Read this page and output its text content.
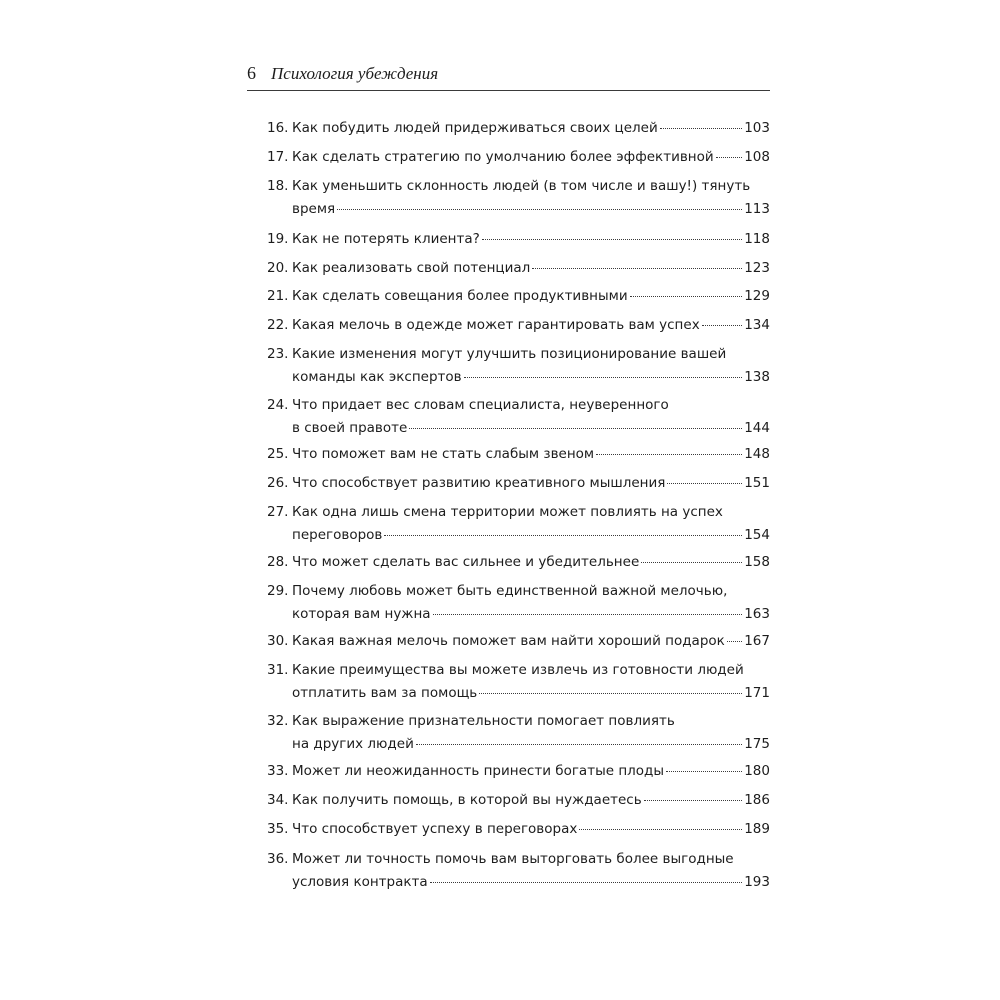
6 Психология убеждения
16. Как побудить людей придерживаться своих целей	103
17. Как сделать стратегию по умолчанию более эффективной 108
18. Как уменьшить склонность людей (в том числе и вашу!) тянуть
время	113
19. Как не потерять клиента?	118
20. Как реализовать свой потенциал	123
21. Как сделать совещания более продуктивными	129
22. Какая мелочь в одежде может гарантировать вам успех	134
23. Какие изменения могут улучшить позиционирование вашей
команды как экспертов	138
24. Что придает вес словам специалиста, неуверенного
в своей правоте	144
25. Что поможет вам не стать слабым звеном	148
26. Что способствует развитию креативного мышления	151
27. Как одна лишь смена территории может повлиять на успех
переговоров	154
28. Что может сделать вас сильнее и убедительнее	158
29. Почему любовь может быть единственной важной мелочью,
которая вам нужна	163
30. Какая важная мелочь поможет вам найти хороший подарок 167
31. Какие преимущества вы можете извлечь из готовности людей
отплатить вам за помощь	171
32. Как выражение признательности помогает повлиять
на других людей	175
33. Может ли неожиданность принести богатые плоды	180
34. Как получить помощь, в которой вы нуждаетесь	186
35. Что способствует успеху в переговорах	189
36. Может ли точность помочь вам выторговать более выгодные
условия контракта	193
